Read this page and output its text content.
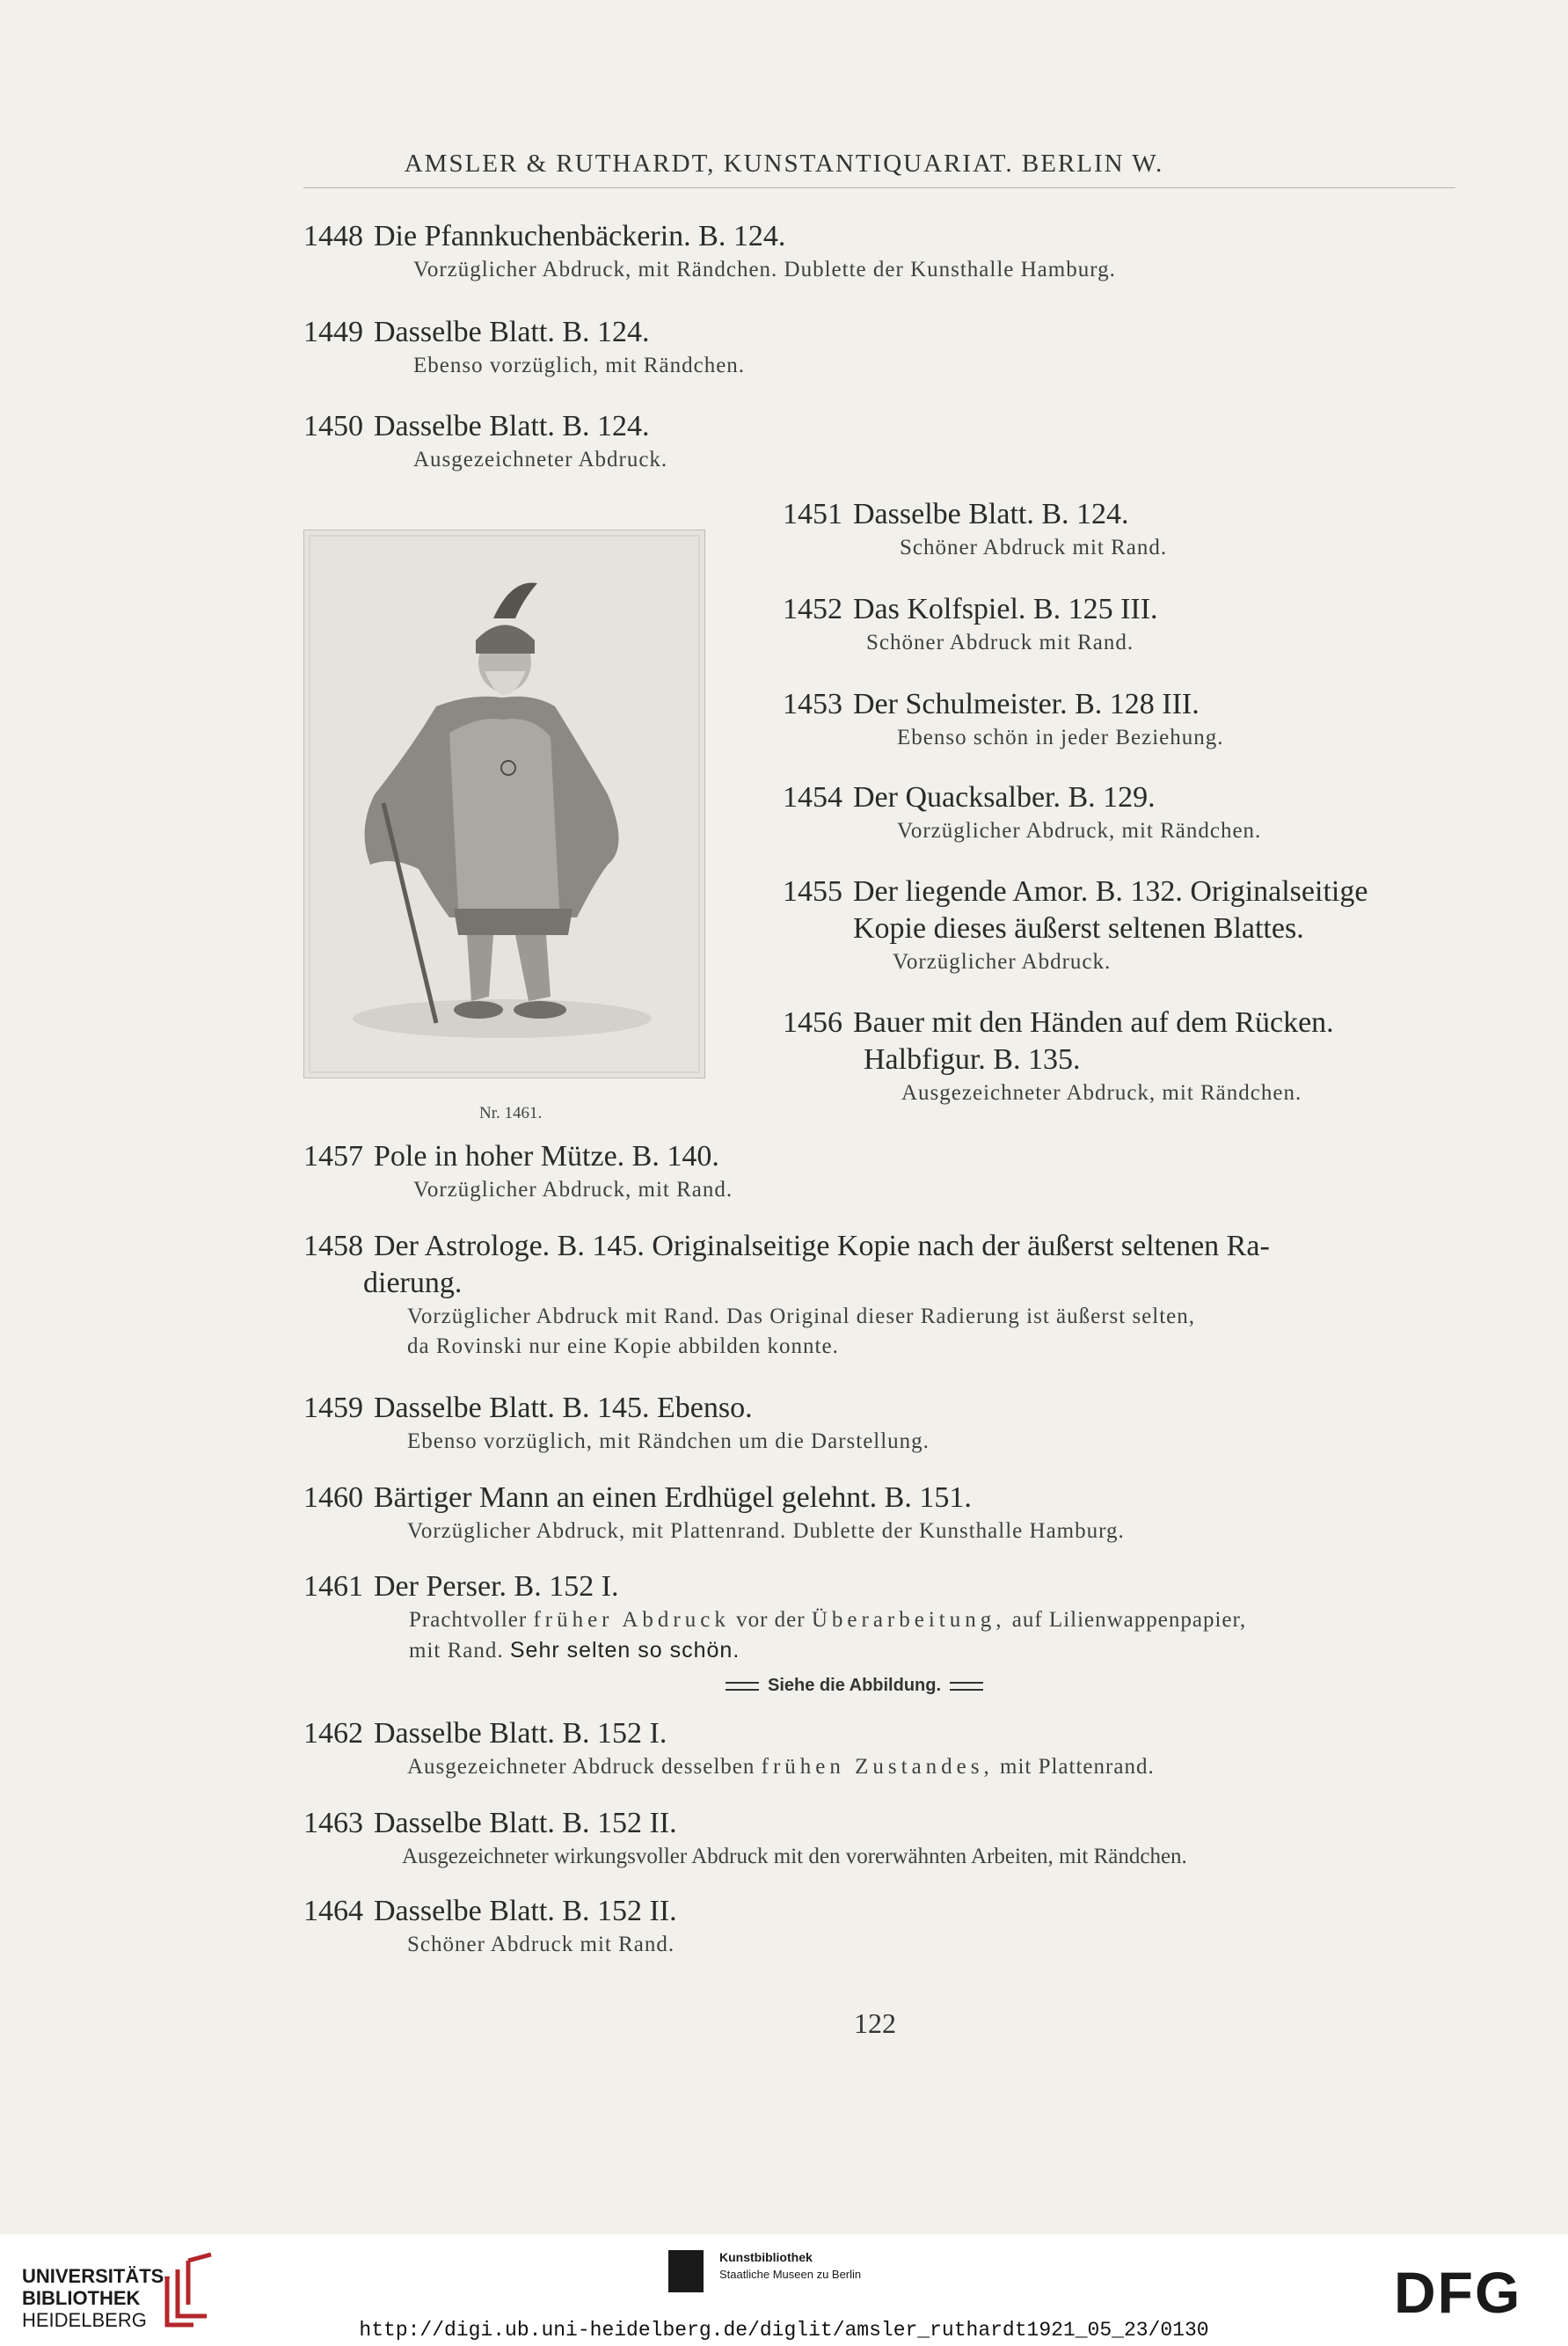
AMSLER & RUTHARDT, KUNSTANTIQUARIAT. BERLIN W.
1448 Die Pfannkuchenbäckerin. B. 124.
Vorzüglicher Abdruck, mit Rändchen. Dublette der Kunsthalle Hamburg.
1449 Dasselbe Blatt. B. 124.
Ebenso vorzüglich, mit Rändchen.
1450 Dasselbe Blatt. B. 124.
Ausgezeichneter Abdruck.
Nr. 1461.
1451 Dasselbe Blatt. B. 124.
Schöner Abdruck mit Rand.
1452 Das Kolfspiel. B. 125 III.
Schöner Abdruck mit Rand.
1453 Der Schulmeister. B. 128 III.
Ebenso schön in jeder Beziehung.
1454 Der Quacksalber. B. 129.
Vorzüglicher Abdruck, mit Rändchen.
1455 Der liegende Amor. B. 132. Originalseitige
Kopie dieses äußerst seltenen Blattes.
Vorzüglicher Abdruck.
1456 Bauer mit den Händen auf dem Rücken.
Halbfigur. B. 135.
Ausgezeichneter Abdruck, mit Rändchen.
1457 Pole in hoher Mütze. B. 140.
Vorzüglicher Abdruck, mit Rand.
1458 Der Astrologe. B. 145. Originalseitige Kopie nach der äußerst seltenen Ra-
dierung.
Vorzüglicher Abdruck mit Rand. Das Original dieser Radierung ist äußerst selten,
da Rovinski nur eine Kopie abbilden konnte.
1459 Dasselbe Blatt. B. 145. Ebenso.
Ebenso vorzüglich, mit Rändchen um die Darstellung.
1460 Bärtiger Mann an einen Erdhügel gelehnt. B. 151.
Vorzüglicher Abdruck, mit Plattenrand. Dublette der Kunsthalle Hamburg.
1461 Der Perser. B. 152 I.
Prachtvoller früher Abdruck vor der Überarbeitung, auf Lilienwappenpapier,
mit Rand. Sehr selten so schön.
Siehe die Abbildung.
1462 Dasselbe Blatt. B. 152 I.
Ausgezeichneter Abdruck desselben frühen Zustandes, mit Plattenrand.
1463 Dasselbe Blatt. B. 152 II.
Ausgezeichneter wirkungsvoller Abdruck mit den vorerwähnten Arbeiten, mit Rändchen.
1464 Dasselbe Blatt. B. 152 II.
Schöner Abdruck mit Rand.
122
UNIVERSITÄTS-
BIBLIOTHEK
HEIDELBERG
Kunstbibliothek
Staatliche Museen zu Berlin	DFG
http://digi.ub.uni-heidelberg.de/diglit/amsler_ruthardt1921_05_23/0130
